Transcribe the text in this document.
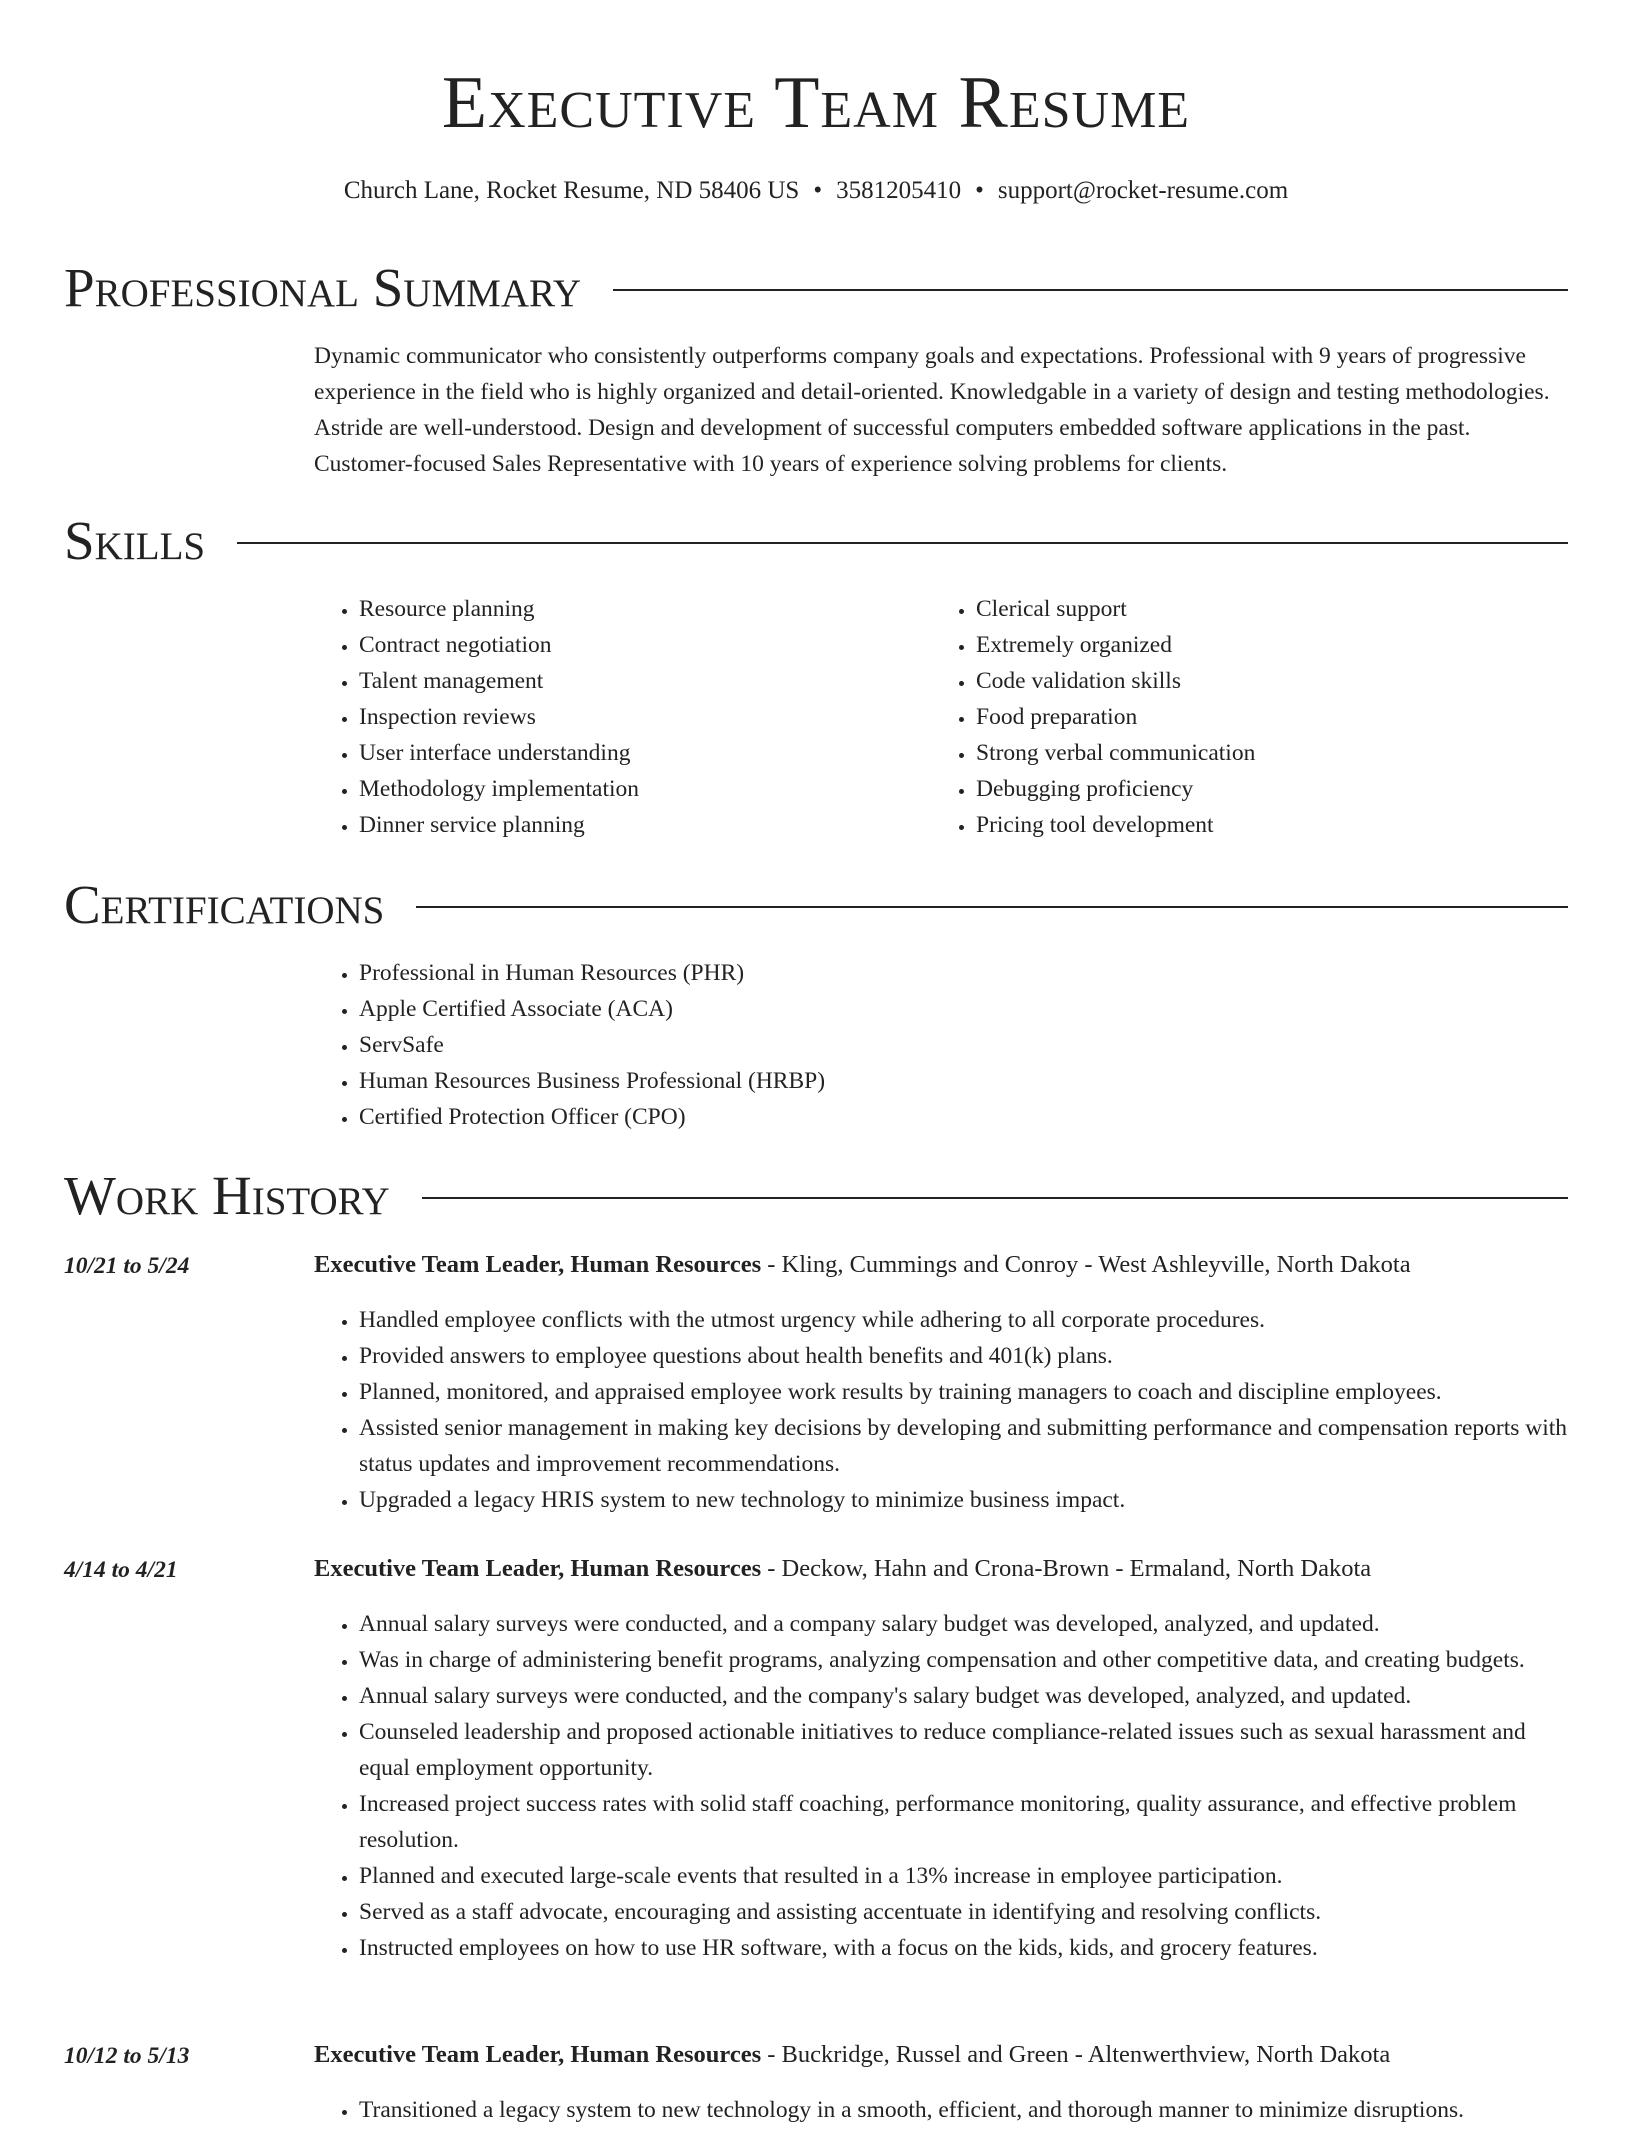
Executive Team Resume
Church Lane, Rocket Resume, ND 58406 US • 3581205410 • support@rocket-resume.com
Professional Summary

Dynamic communicator who consistently outperforms company goals and expectations. Professional with 9 years of progressive experience in the field who is highly organized and detail-oriented. Knowledgable in a variety of design and testing methodologies. Astride are well-understood. Design and development of successful computers embedded software applications in the past. Customer-focused Sales Representative with 10 years of experience solving problems for clients.

Skills
• Resource planning
• Contract negotiation
• Talent management
• Inspection reviews
• User interface understanding
• Methodology implementation
• Dinner service planning
• Clerical support
• Extremely organized
• Code validation skills
• Food preparation
• Strong verbal communication
• Debugging proficiency
• Pricing tool development
Certifications
• Professional in Human Resources (PHR)
• Apple Certified Associate (ACA)
• ServSafe
• Human Resources Business Professional (HRBP)
• Certified Protection Officer (CPO)
Work History
10/21 to 5/24	Executive Team Leader, Human Resources - Kling, Cummings and Conroy - West Ashleyville, North Dakota
• Handled employee conflicts with the utmost urgency while adhering to all corporate procedures.
• Provided answers to employee questions about health benefits and 401(k) plans.
• Planned, monitored, and appraised employee work results by training managers to coach and discipline employees.
• Assisted senior management in making key decisions by developing and submitting performance and compensation reports with status updates and improvement recommendations.
• Upgraded a legacy HRIS system to new technology to minimize business impact.
4/14 to 4/21	Executive Team Leader, Human Resources - Deckow, Hahn and Crona-Brown - Ermaland, North Dakota
• Annual salary surveys were conducted, and a company salary budget was developed, analyzed, and updated.
• Was in charge of administering benefit programs, analyzing compensation and other competitive data, and creating budgets.
• Annual salary surveys were conducted, and the company's salary budget was developed, analyzed, and updated.
• Counseled leadership and proposed actionable initiatives to reduce compliance-related issues such as sexual harassment and equal employment opportunity.
• Increased project success rates with solid staff coaching, performance monitoring, quality assurance, and effective problem resolution.
• Planned and executed large-scale events that resulted in a 13% increase in employee participation.
• Served as a staff advocate, encouraging and assisting accentuate in identifying and resolving conflicts.
• Instructed employees on how to use HR software, with a focus on the kids, kids, and grocery features.
10/12 to 5/13	Executive Team Leader, Human Resources - Buckridge, Russel and Green - Altenwerthview, North Dakota
• Transitioned a legacy system to new technology in a smooth, efficient, and thorough manner to minimize disruptions.
